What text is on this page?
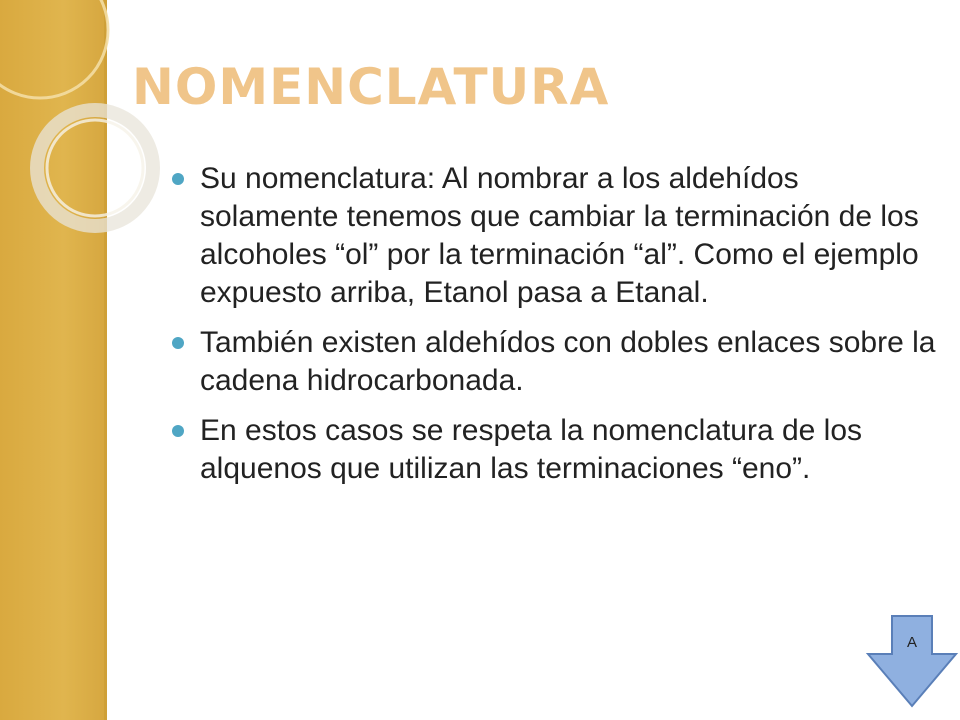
NOMENCLATURA
Su nomenclatura: Al nombrar a los aldehídos solamente tenemos que cambiar la terminación de los alcoholes “ol” por la terminación “al”. Como el ejemplo expuesto arriba, Etanol pasa a Etanal.
También existen aldehídos con dobles enlaces sobre la cadena hidrocarbonada.
En estos casos se respeta la nomenclatura de los alquenos que utilizan las terminaciones “eno”.
A
